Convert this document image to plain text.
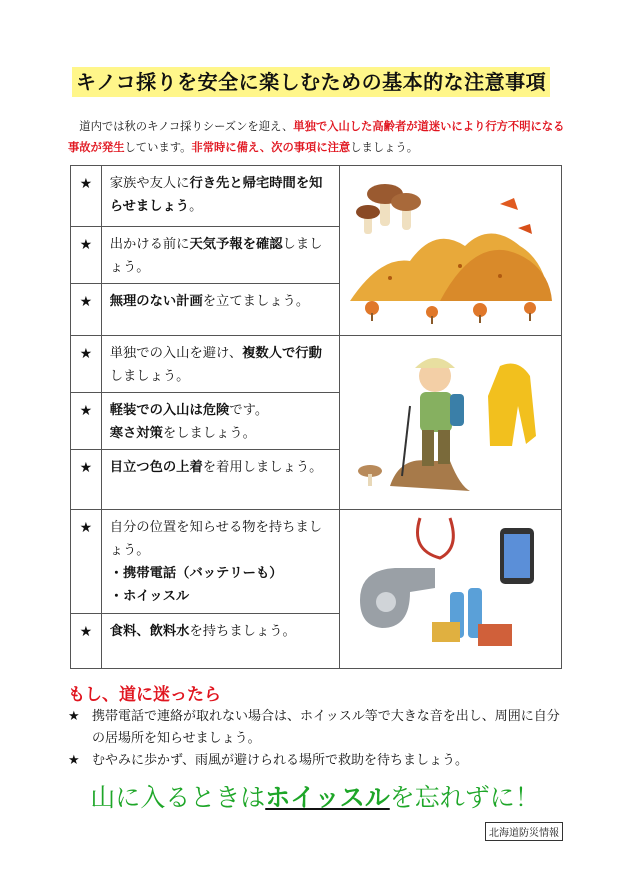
キノコ採りを安全に楽しむための基本的な注意事項
 道内では秋のキノコ採りシーズンを迎え、単独で入山した高齢者が道迷いにより行方不明になる事故が発生しています。非常時に備え、次の事項に注意しましょう。
★	家族や友人に行き先と帰宅時間を知らせましょう。	
★	出かける前に天気予報を確認しましょう。	
★	無理のない計画を立てましょう。	
★	単独での入山を避け、複数人で行動しましょう。	
★	軽装での入山は危険です。
寒さ対策をしましょう。	
★	目立つ色の上着を着用しましょう。	
★	自分の位置を知らせる物を持ちましょう。
・携帯電話（バッテリーも）
・ホイッスル	
★	食料、飲料水を持ちましょう。	
もし、道に迷ったら
★ 携帯電話で連絡が取れない場合は、ホイッスル等で大きな音を出し、周囲に自分の居場所を知らせましょう。
★ むやみに歩かず、雨風が避けられる場所で救助を待ちましょう。
山に入るときはホイッスルを忘れずに！
北海道防災情報
